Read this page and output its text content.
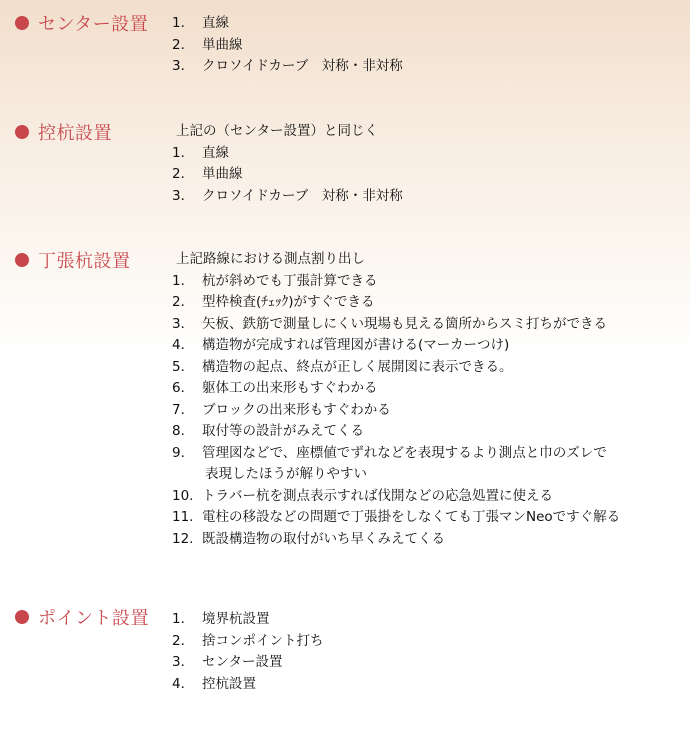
センター設置 1． 直線
2． 単曲線
3． クロソイドカーブ　対称・非対称
控杭設置	上記の（センター設置）と同じく
1． 直線
2． 単曲線
3． クロソイドカーブ　対称・非対称
丁張杭設置	上記路線における測点割り出し
1． 杭が斜めでも丁張計算できる
2． 型枠検査(ﾁｪｯｸ)がすぐできる
3． 矢板、鉄筋で測量しにくい現場も見える箇所からスミ打ちができる
4． 構造物が完成すれば管理図が書ける(マーカーつけ)
5． 構造物の起点、終点が正しく展開図に表示できる。
6． 躯体工の出来形もすぐわかる
7． ブロックの出来形もすぐわかる
8． 取付等の設計がみえてくる
9． 管理図などで、座標値でずれなどを表現するより測点と巾のズレで
表現したほうが解りやすい
10. トラバー杭を測点表示すれば伐開などの応急処置に使える
11. 電柱の移設などの問題で丁張掛をしなくても丁張マンNeoですぐ解る
12. 既設構造物の取付がいち早くみえてくる
ポイント設置 1． 境界杭設置
2． 捨コンポイント打ち
3． センター設置
4． 控杭設置
